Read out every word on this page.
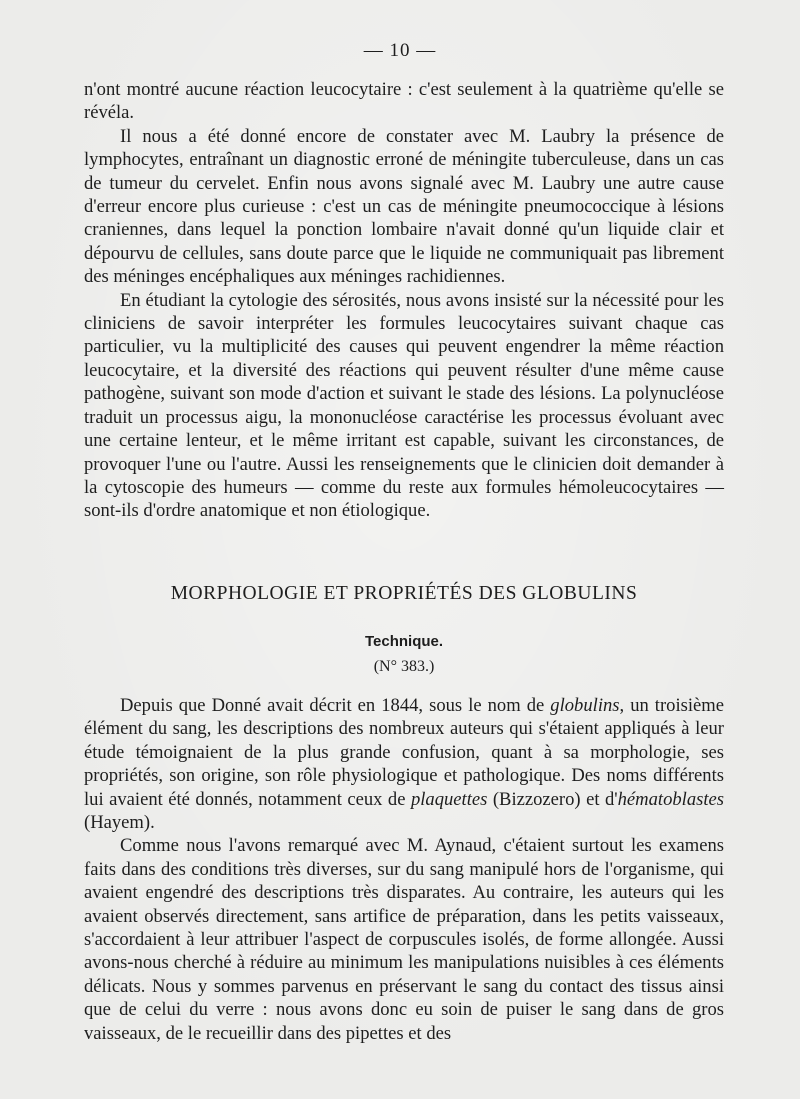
— 10 —

n'ont montré aucune réaction leucocytaire : c'est seulement à la quatrième qu'elle se révéla.

Il nous a été donné encore de constater avec M. Laubry la présence de lymphocytes, entraînant un diagnostic erroné de méningite tuberculeuse, dans un cas de tumeur du cervelet. Enfin nous avons signalé avec M. Laubry une autre cause d'erreur encore plus curieuse : c'est un cas de méningite pneumococcique à lésions craniennes, dans lequel la ponction lombaire n'avait donné qu'un liquide clair et dépourvu de cellules, sans doute parce que le liquide ne communiquait pas librement des méninges encéphaliques aux méninges rachidiennes.

En étudiant la cytologie des sérosités, nous avons insisté sur la nécessité pour les cliniciens de savoir interpréter les formules leucocytaires suivant chaque cas particulier, vu la multiplicité des causes qui peuvent engendrer la même réaction leucocytaire, et la diversité des réactions qui peuvent résulter d'une même cause pathogène, suivant son mode d'action et suivant le stade des lésions. La polynucléose traduit un processus aigu, la mononucléose caractérise les processus évoluant avec une certaine lenteur, et le même irritant est capable, suivant les circonstances, de provoquer l'une ou l'autre. Aussi les renseignements que le clinicien doit demander à la cytoscopie des humeurs — comme du reste aux formules hémoleucocytaires — sont-ils d'ordre anatomique et non étiologique.

MORPHOLOGIE ET PROPRIÉTÉS DES GLOBULINS
Technique.
(N° 383.)

Depuis que Donné avait décrit en 1844, sous le nom de globulins, un troisième élément du sang, les descriptions des nombreux auteurs qui s'étaient appliqués à leur étude témoignaient de la plus grande confusion, quant à sa morphologie, ses propriétés, son origine, son rôle physiologique et pathologique. Des noms différents lui avaient été donnés, notamment ceux de plaquettes (Bizzozero) et d'hématoblastes (Hayem).

Comme nous l'avons remarqué avec M. Aynaud, c'étaient surtout les examens faits dans des conditions très diverses, sur du sang manipulé hors de l'organisme, qui avaient engendré des descriptions très disparates. Au contraire, les auteurs qui les avaient observés directement, sans artifice de préparation, dans les petits vaisseaux, s'accordaient à leur attribuer l'aspect de corpuscules isolés, de forme allongée. Aussi avons-nous cherché à réduire au minimum les manipulations nuisibles à ces éléments délicats. Nous y sommes parvenus en préservant le sang du contact des tissus ainsi que de celui du verre : nous avons donc eu soin de puiser le sang dans de gros vaisseaux, de le recueillir dans des pipettes et des
